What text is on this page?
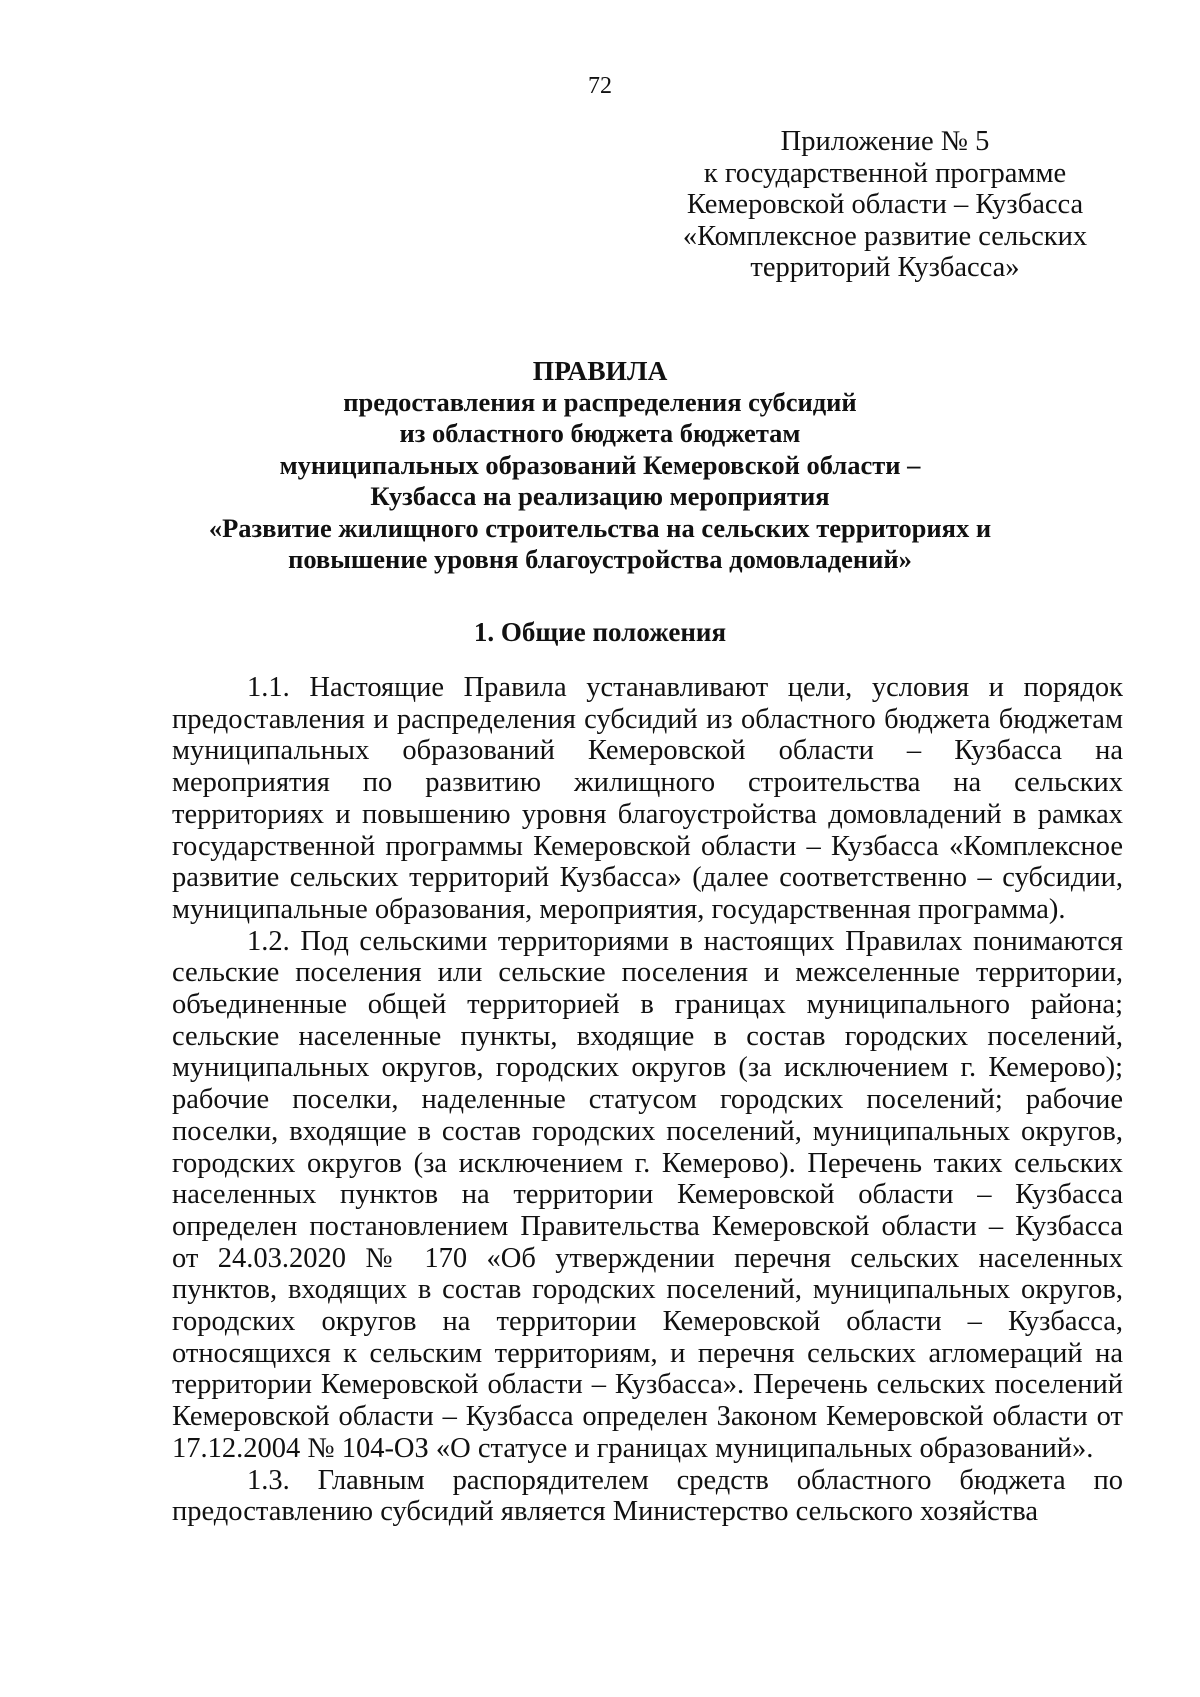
72
Приложение № 5
к государственной программе
Кемеровской области – Кузбасса
«Комплексное развитие сельских
территорий Кузбасса»
ПРАВИЛА
предоставления и распределения субсидий
из областного бюджета бюджетам
муниципальных образований Кемеровской области –
Кузбасса на реализацию мероприятия
«Развитие жилищного строительства на сельских территориях и
повышение уровня благоустройства домовладений»
1. Общие положения

1.1. Настоящие Правила устанавливают цели, условия и порядок предоставления и распределения субсидий из областного бюджета бюджетам муниципальных образований Кемеровской области – Кузбасса на мероприятия по развитию жилищного строительства на сельских территориях и повышению уровня благоустройства домовладений в рамках государственной программы Кемеровской области – Кузбасса «Комплексное развитие сельских территорий Кузбасса» (далее соответственно – субсидии, муниципальные образования, мероприятия, государственная программа).

1.2. Под сельскими территориями в настоящих Правилах понимаются сельские поселения или сельские поселения и межселенные территории, объединенные общей территорией в границах муниципального района; сельские населенные пункты, входящие в состав городских поселений, муниципальных округов, городских округов (за исключением г. Кемерово); рабочие поселки, наделенные статусом городских поселений; рабочие поселки, входящие в состав городских поселений, муниципальных округов, городских округов (за исключением г. Кемерово). Перечень таких сельских населенных пунктов на территории Кемеровской области – Кузбасса определен постановлением Правительства Кемеровской области – Кузбасса от 24.03.2020 № 170 «Об утверждении перечня сельских населенных пунктов, входящих в состав городских поселений, муниципальных округов, городских округов на территории Кемеровской области – Кузбасса, относящихся к сельским территориям, и перечня сельских агломераций на территории Кемеровской области – Кузбасса». Перечень сельских поселений Кемеровской области – Кузбасса определен Законом Кемеровской области от 17.12.2004 № 104-ОЗ «О статусе и границах муниципальных образований».

1.3. Главным распорядителем средств областного бюджета по предоставлению субсидий является Министерство сельского хозяйства
